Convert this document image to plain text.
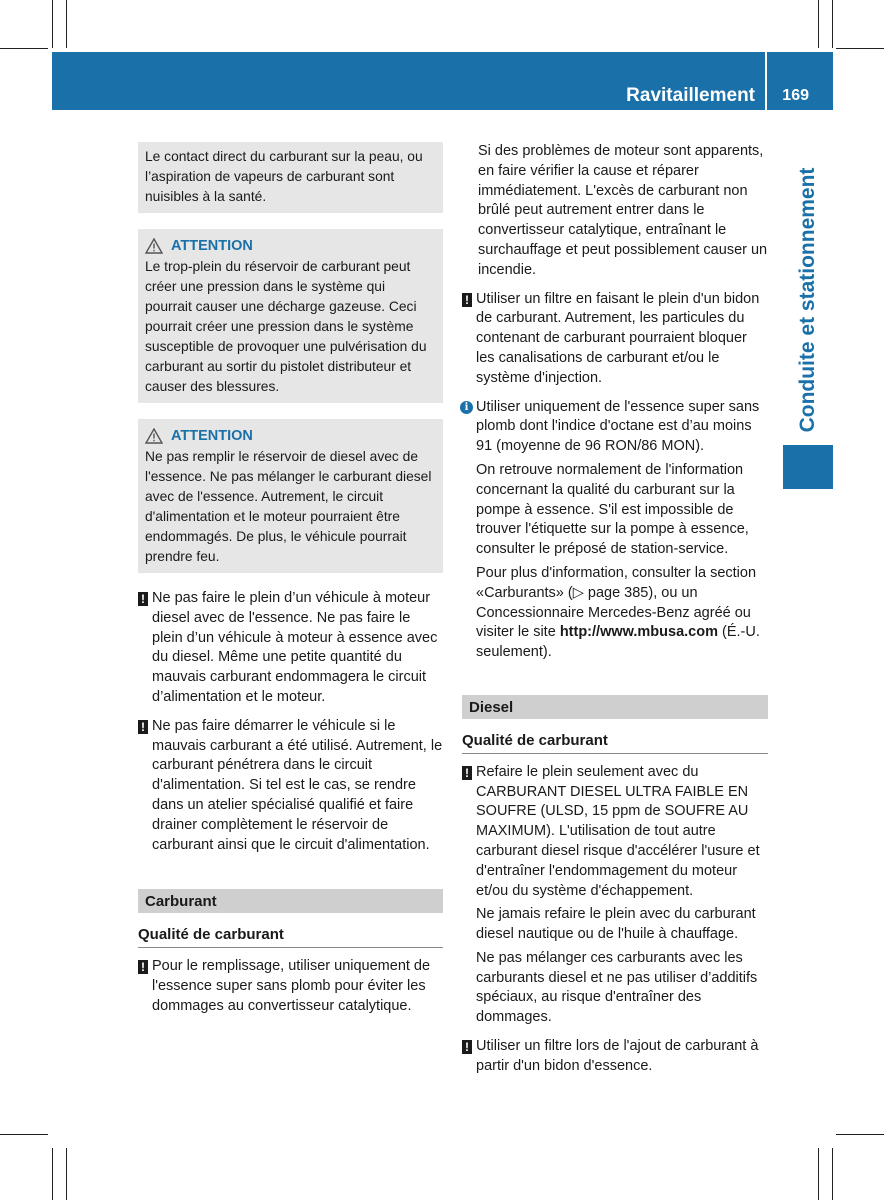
Ravitaillement 169
Conduite et stationnement
Le contact direct du carburant sur la peau, ou l’aspiration de vapeurs de carburant sont nuisibles à la santé.
ATTENTION
Le trop-plein du réservoir de carburant peut créer une pression dans le système qui pourrait causer une décharge gazeuse. Ceci pourrait créer une pression dans le système susceptible de provoquer une pulvérisation du carburant au sortir du pistolet distributeur et causer des blessures.
ATTENTION
Ne pas remplir le réservoir de diesel avec de l'essence. Ne pas mélanger le carburant diesel avec de l'essence. Autrement, le circuit d'alimentation et le moteur pourraient être endommagés. De plus, le véhicule pourrait prendre feu.
! Ne pas faire le plein d’un véhicule à moteur diesel avec de l'essence. Ne pas faire le plein d’un véhicule à moteur à essence avec du diesel. Même une petite quantité du mauvais carburant endommagera le circuit d’alimentation et le moteur.

! Ne pas faire démarrer le véhicule si le mauvais carburant a été utilisé. Autrement, le carburant pénétrera dans le circuit d'alimentation. Si tel est le cas, se rendre dans un atelier spécialisé qualifié et faire drainer complètement le réservoir de carburant ainsi que le circuit d'alimentation.

Carburant
Qualité de carburant
! Pour le remplissage, utiliser uniquement de l'essence super sans plomb pour éviter les dommages au convertisseur catalytique.

Si des problèmes de moteur sont apparents, en faire vérifier la cause et réparer immédiatement. L'excès de carburant non brûlé peut autrement entrer dans le convertisseur catalytique, entraînant le surchauffage et peut possiblement causer un incendie.

! Utiliser un filtre en faisant le plein d'un bidon de carburant. Autrement, les particules du contenant de carburant pourraient bloquer les canalisations de carburant et/ou le système d'injection.

i Utiliser uniquement de l'essence super sans plomb dont l'indice d'octane est d’au moins 91 (moyenne de 96 RON/86 MON).

On retrouve normalement de l'information concernant la qualité du carburant sur la pompe à essence. S'il est impossible de trouver l'étiquette sur la pompe à essence, consulter le préposé de station-service.

Pour plus d'information, consulter la section «Carburants» (▷ page 385), ou un Concessionnaire Mercedes-Benz agréé ou visiter le site http://www.mbusa.com (É.-U. seulement).

Diesel
Qualité de carburant
! Refaire le plein seulement avec du CARBURANT DIESEL ULTRA FAIBLE EN SOUFRE (ULSD, 15 ppm de SOUFRE AU MAXIMUM). L'utilisation de tout autre carburant diesel risque d'accélérer l'usure et d'entraîner l'endommagement du moteur et/ou du système d'échappement.

Ne jamais refaire le plein avec du carburant diesel nautique ou de l'huile à chauffage.

Ne pas mélanger ces carburants avec les carburants diesel et ne pas utiliser d’additifs spéciaux, au risque d'entraîner des dommages.

! Utiliser un filtre lors de l'ajout de carburant à partir d'un bidon d'essence.
